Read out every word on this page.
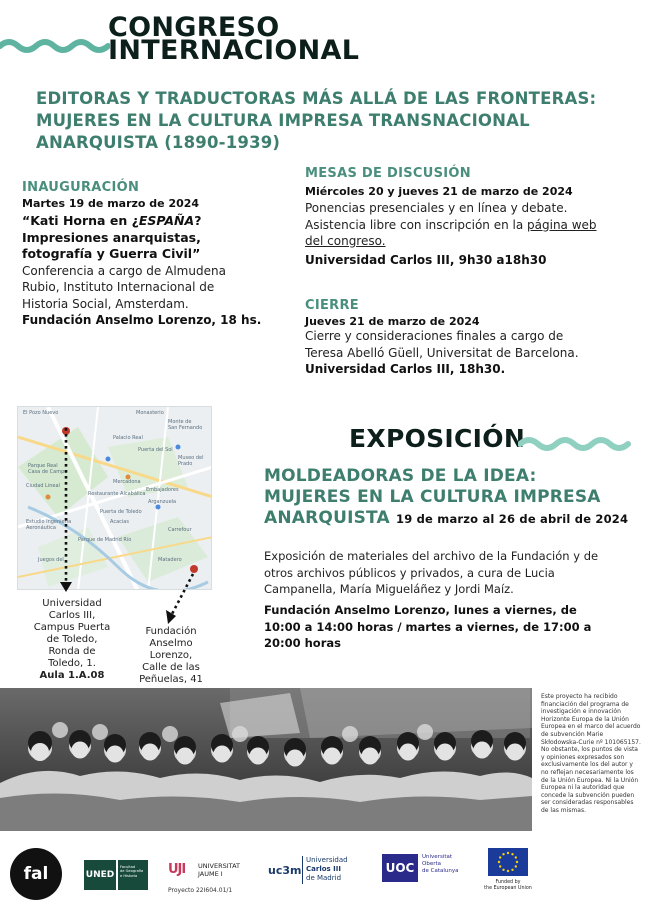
CONGRESO
INTERNACIONAL
EDITORAS Y TRADUCTORAS MÁS ALLÁ DE LAS FRONTERAS:
MUJERES EN LA CULTURA IMPRESA TRANSNACIONAL
ANARQUISTA (1890-1939)
INAUGURACIÓN
Martes 19 de marzo de 2024
“Kati Horna en ¿ESPAÑA?
Impresiones anarquistas,
fotografía y Guerra Civil”
Conferencia a cargo de Almudena
Rubio, Instituto Internacional de
Historia Social, Amsterdam.
Fundación Anselmo Lorenzo, 18 hs.
MESAS DE DISCUSIÓN
Miércoles 20 y jueves 21 de marzo de 2024
Ponencias presenciales y en línea y debate.
Asistencia libre con inscripción en la página web
del congreso.
Universidad Carlos III, 9h30 a18h30
CIERRE
Jueves 21 de marzo de 2024
Cierre y consideraciones finales a cargo de
Teresa Abelló Güell, Universitat de Barcelona.
Universidad Carlos III, 18h30.
El Pozo Nuevo	Monasterio
Monte de
San Fernando
Palacio Real
Puerta del Sol
Museo del
Prado
Parque Real
Casa de Campo
Mercadona
Restaurante Alcabálica
Embajadores
Arganzuela
Ciudad Lineal
Estudio Ingeniería
Aeronáutica
Parque de Madrid Río
Carrefour
Juegos del
Puerta de Toledo
Acacias
Matadero
Universidad
Carlos III,
Campus Puerta
de Toledo,
Ronda de
Toledo, 1.
Aula 1.A.08
Fundación
Anselmo
Lorenzo,
Calle de las
Peñuelas, 41
EXPOSICIÓN
MOLDEADORAS DE LA IDEA:
MUJERES EN LA CULTURA IMPRESA
ANARQUISTA 19 de marzo al 26 de abril de 2024
Exposición de materiales del archivo de la Fundación y de
otros archivos públicos y privados, a cura de Lucia
Campanella, María Migueláñez y Jordi Maíz.
Fundación Anselmo Lorenzo, lunes a viernes, de
10:00 a 14:00 horas / martes a viernes, de 17:00 a
20:00 horas
Este proyecto ha recibido financiación del programa de investigación e innovación Horizonte Europa de la Unión Europea en el marco del acuerdo de subvención Marie Skłodowska-Curie nº 101065157. No obstante, los puntos de vista y opiniones expresados son exclusivamente los del autor y no reflejan necesariamente los de la Unión Europea. Ni la Unión Europea ni la autoridad que concede la subvención pueden ser consideradas responsables de las mismas.
fal	UNED
Facultad
de Geografía
e Historia	UJI UNIVERSITAT
JAUME I
Proyecto 22I604.01/1
uc3m
Universidad
Carlos III
de Madrid
UOC
Universitat
Oberta
de Catalunya
Funded by
the European Union
